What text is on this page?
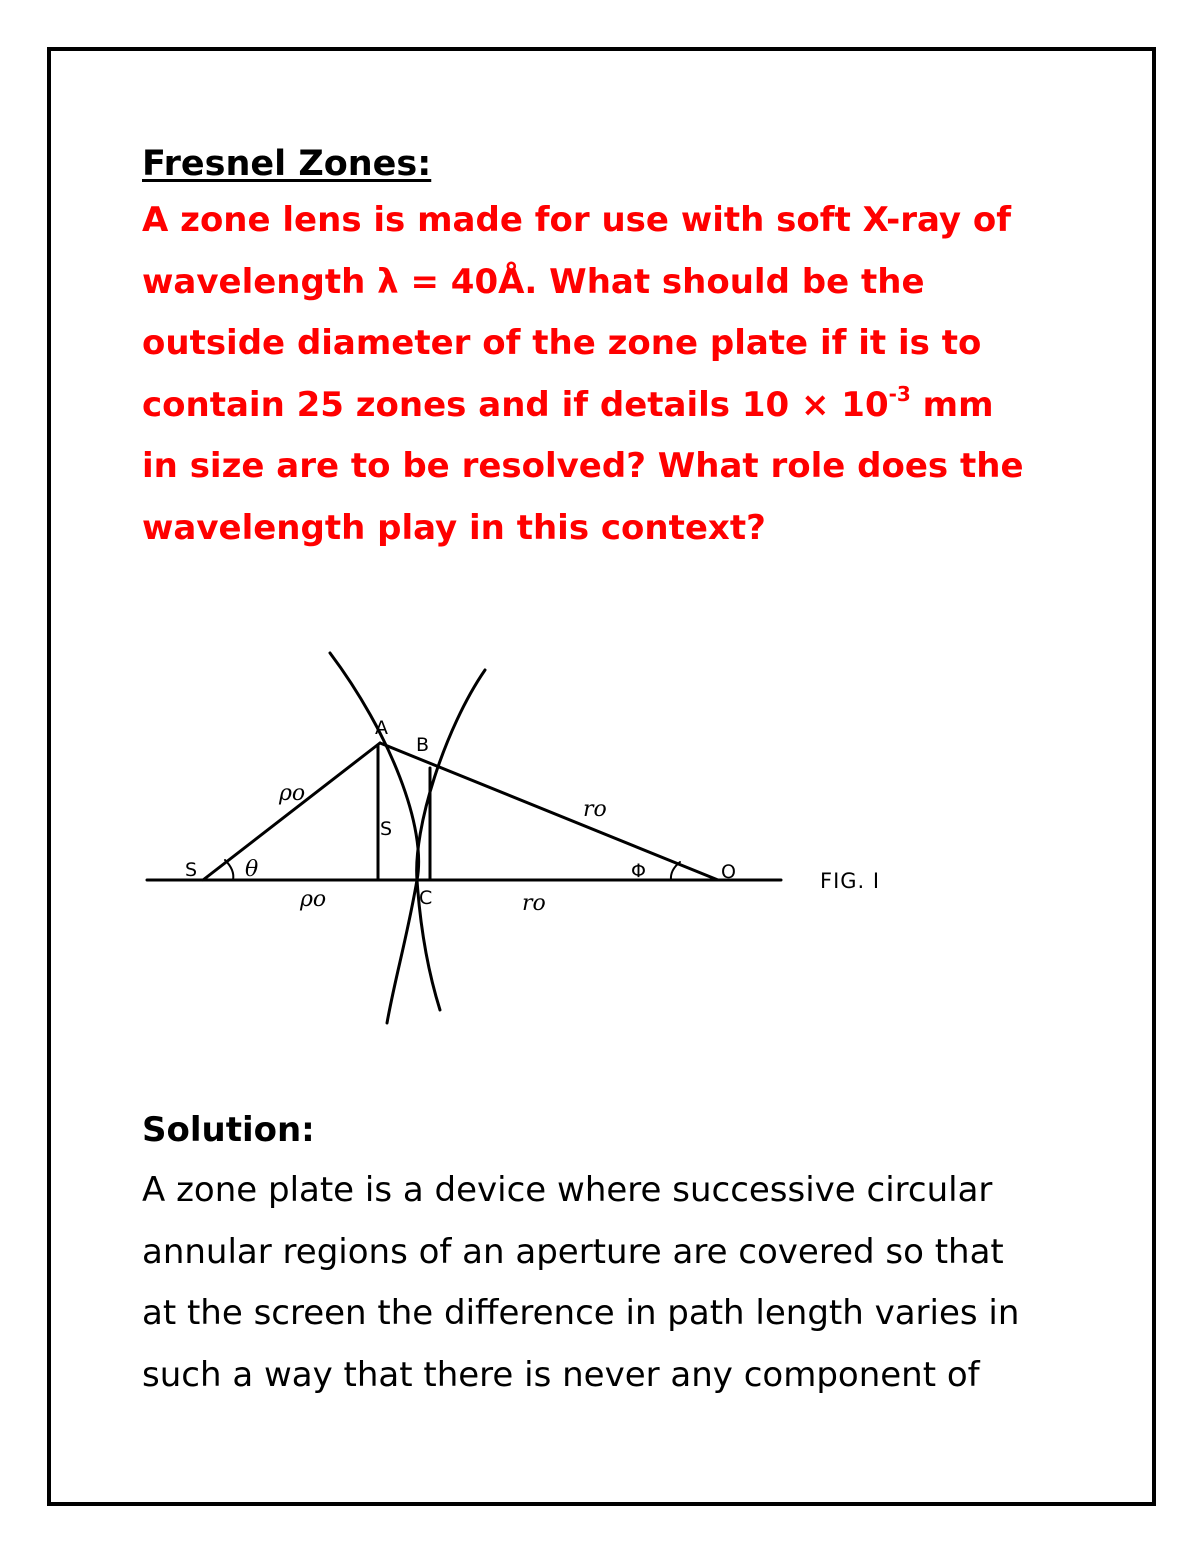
Fresnel Zones:

A zone lens is made for use with soft X-ray of

wavelength λ = 40Å. What should be the

outside diameter of the zone plate if it is to

contain 25 zones and if details $10 \times 10^{-3}$ mm

in size are to be resolved? What role does the

wavelength play in this context?

A
B
C
S	O
S
θ	Φ
ρo
ρo
ro
ro
FIG. I

Solution:

A zone plate is a device where successive circular
annular regions of an aperture are covered so that
at the screen the difference in path length varies in
such a way that there is never any component of
